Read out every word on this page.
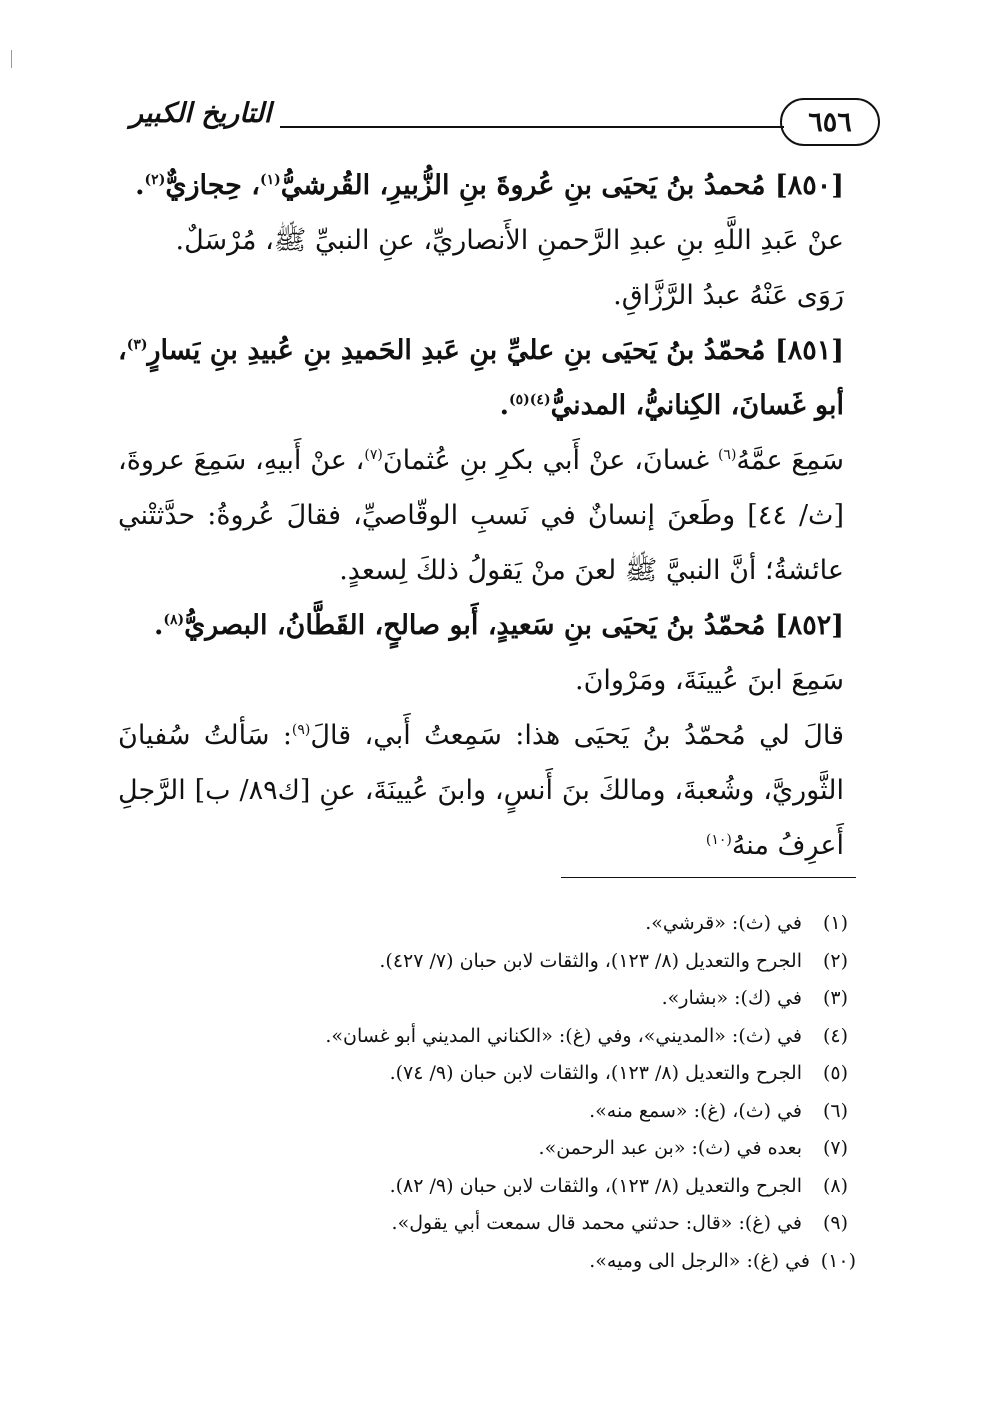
٦٥٦
التاريخ الكبير

[٨٥٠] مُحمدُ بنُ يَحيَى بنِ عُروةَ بنِ الزُّبيرِ، القُرشيُّ$^{(١)}$، حِجازيٌّ$^{(٢)}$.

عنْ عَبدِ اللَّهِ بنِ عبدِ الرَّحمنِ الأَنصاريِّ، عنِ النبيِّ ﷺ، مُرْسَلٌ.

رَوَى عَنْهُ عبدُ الرَّزَّاقِ.

[٨٥١] مُحمّدُ بنُ يَحيَى بنِ عليِّ بنِ عَبدِ الحَميدِ بنِ عُبيدِ بنِ يَسارٍ$^{(٣)}$، أبو غَسانَ، الكِنانيُّ، المدنيُّ$^{(٤)(٥)}$.

سَمِعَ عمَّهُ$^{(٦)}$ غسانَ، عنْ أَبي بكرِ بنِ عُثمانَ$^{(٧)}$، عنْ أَبيهِ، سَمِعَ عروةَ، [ث/ ٤٤] وطَعنَ إنسانٌ في نَسبِ الوقّاصيِّ، فقالَ عُروةُ: حدَّثتْني عائشةُ؛ أنَّ النبيَّ ﷺ لعنَ منْ يَقولُ ذلكَ لِسعدٍ.

[٨٥٢] مُحمّدُ بنُ يَحيَى بنِ سَعيدٍ، أَبو صالحٍ، القَطَّانُ، البصريُّ$^{(٨)}$.

سَمِعَ ابنَ عُيينَةَ، ومَرْوانَ.

قالَ لي مُحمّدُ بنُ يَحيَى هذا: سَمِعتُ أَبي، قالَ$^{(٩)}$: سَألتُ سُفيانَ الثَّوريَّ، وشُعبةَ، ومالكَ بنَ أَنسٍ، وابنَ عُيينَةَ، عنِ [ك٨٩/ ب] الرَّجلِ أَعرِفُ منهُ$^{(١٠)}$

(١)في (ث): «قرشي».
(٢)الجرح والتعديل (٨/ ١٢٣)، والثقات لابن حبان (٧/ ٤٢٧).
(٣)في (ك): «بشار».
(٤)في (ث): «المديني»، وفي (غ): «الكناني المديني أبو غسان».
(٥)الجرح والتعديل (٨/ ١٢٣)، والثقات لابن حبان (٩/ ٧٤).
(٦)في (ث)، (غ): «سمع منه».
(٧)بعده في (ث): «بن عبد الرحمن».
(٨)الجرح والتعديل (٨/ ١٢٣)، والثقات لابن حبان (٩/ ٨٢).
(٩)في (غ): «قال: حدثني محمد قال سمعت أبي يقول».
(١٠)في (غ): «الرجل الى وميه».
